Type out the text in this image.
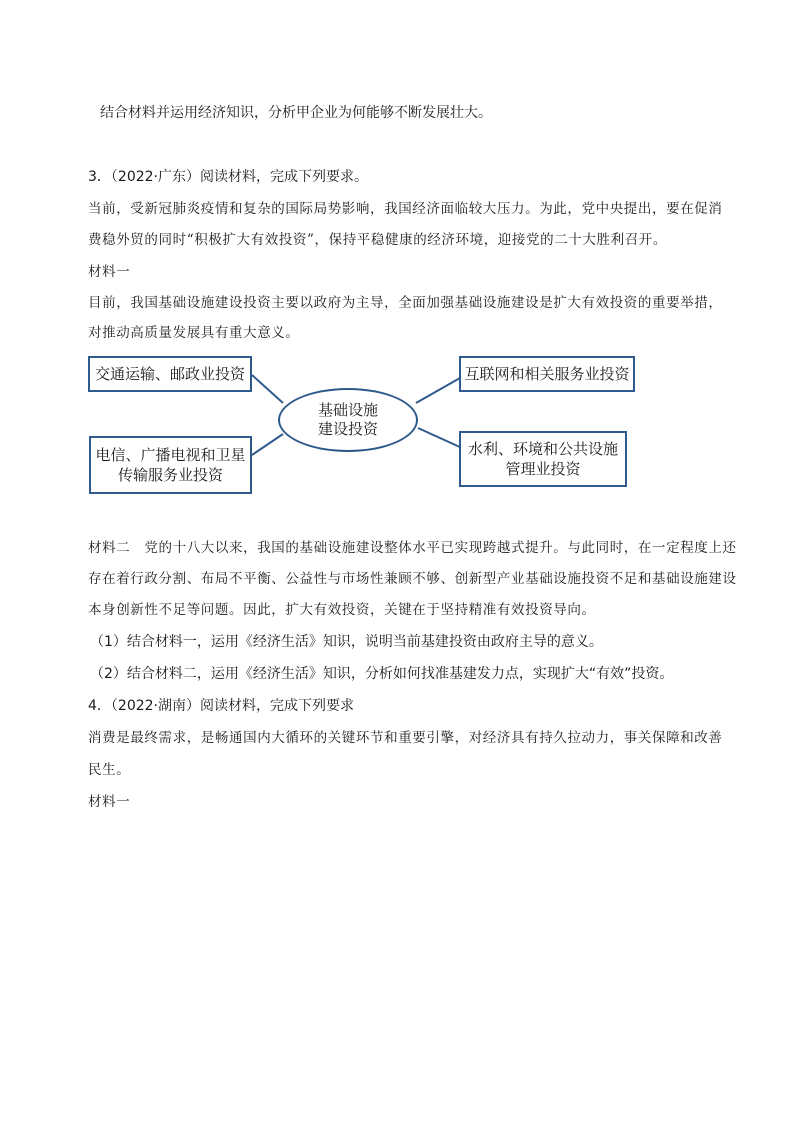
结合材料并运用经济知识，分析甲企业为何能够不断发展壮大。
3．（2022·广东）阅读材料，完成下列要求。
当前，受新冠肺炎疫情和复杂的国际局势影响，我国经济面临较大压力。为此，党中央提出，要在促消
费稳外贸的同时“积极扩大有效投资”，保持平稳健康的经济环境，迎接党的二十大胜利召开。
材料一
目前，我国基础设施建设投资主要以政府为主导，全面加强基础设施建设是扩大有效投资的重要举措，
对推动高质量发展具有重大意义。
交通运输、邮政业投资
电信、广播电视和卫星
传输服务业投资
基础设施
建设投资
互联网和相关服务业投资
水利、环境和公共设施
管理业投资
材料二　党的十八大以来，我国的基础设施建设整体水平已实现跨越式提升。与此同时，在一定程度上还
存在着行政分割、布局不平衡、公益性与市场性兼顾不够、创新型产业基础设施投资不足和基础设施建设
本身创新性不足等问题。因此，扩大有效投资，关键在于坚持精准有效投资导向。
（1）结合材料一，运用《经济生活》知识，说明当前基建投资由政府主导的意义。
（2）结合材料二，运用《经济生活》知识，分析如何找准基建发力点，实现扩大“有效”投资。
4．（2022·湖南）阅读材料，完成下列要求
消费是最终需求，是畅通国内大循环的关键环节和重要引擎，对经济具有持久拉动力，事关保障和改善
民生。
材料一
